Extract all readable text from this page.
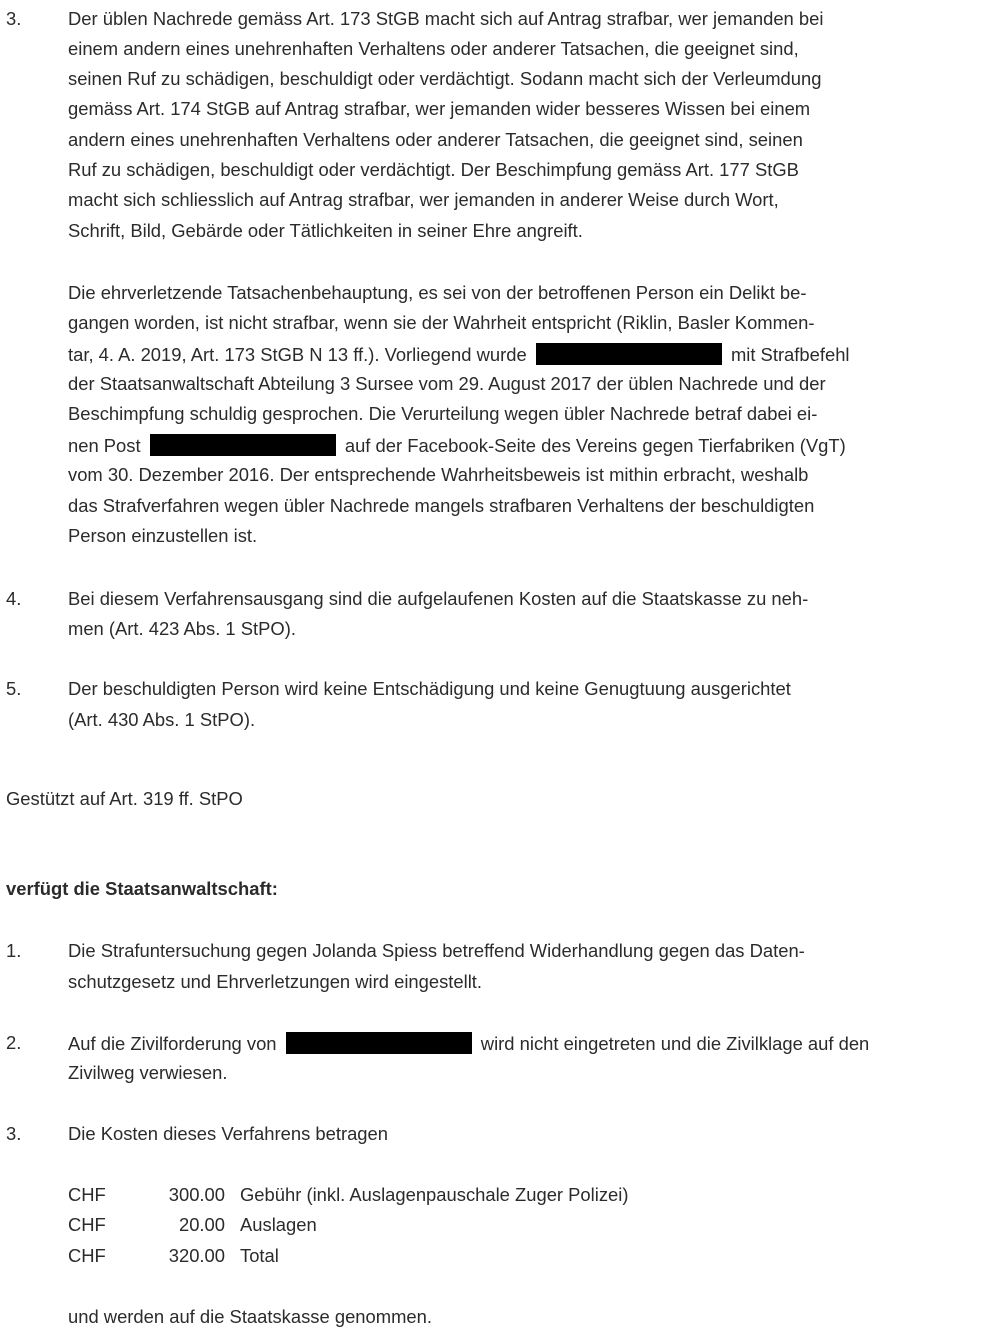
3.	Der üblen Nachrede gemäss Art. 173 StGB macht sich auf Antrag strafbar, wer jemanden bei
einem andern eines unehrenhaften Verhaltens oder anderer Tatsachen, die geeignet sind,
seinen Ruf zu schädigen, beschuldigt oder verdächtigt. Sodann macht sich der Verleumdung
gemäss Art. 174 StGB auf Antrag strafbar, wer jemanden wider besseres Wissen bei einem
andern eines unehrenhaften Verhaltens oder anderer Tatsachen, die geeignet sind, seinen
Ruf zu schädigen, beschuldigt oder verdächtigt. Der Beschimpfung gemäss Art. 177 StGB
macht sich schliesslich auf Antrag strafbar, wer jemanden in anderer Weise durch Wort,
Schrift, Bild, Gebärde oder Tätlichkeiten in seiner Ehre angreift.
Die ehrverletzende Tatsachenbehauptung, es sei von der betroffenen Person ein Delikt be-
gangen worden, ist nicht strafbar, wenn sie der Wahrheit entspricht (Riklin, Basler Kommen-
tar, 4. A. 2019, Art. 173 StGB N 13 ff.). Vorliegend wurde	mit Strafbefehl
der Staatsanwaltschaft Abteilung 3 Sursee vom 29. August 2017 der üblen Nachrede und der
Beschimpfung schuldig gesprochen. Die Verurteilung wegen übler Nachrede betraf dabei ei-
nen Post	auf der Facebook-Seite des Vereins gegen Tierfabriken (VgT)
vom 30. Dezember 2016. Der entsprechende Wahrheitsbeweis ist mithin erbracht, weshalb
das Strafverfahren wegen übler Nachrede mangels strafbaren Verhaltens der beschuldigten
Person einzustellen ist.
4.	Bei diesem Verfahrensausgang sind die aufgelaufenen Kosten auf die Staatskasse zu neh-
men (Art. 423 Abs. 1 StPO).
5.	Der beschuldigten Person wird keine Entschädigung und keine Genugtuung ausgerichtet
(Art. 430 Abs. 1 StPO).
Gestützt auf Art. 319 ff. StPO
verfügt die Staatsanwaltschaft:
1.	Die Strafuntersuchung gegen Jolanda Spiess betreffend Widerhandlung gegen das Daten-
schutzgesetz und Ehrverletzungen wird eingestellt.
2.	Auf die Zivilforderung von	wird nicht eingetreten und die Zivilklage auf den
Zivilweg verwiesen.
3.	Die Kosten dieses Verfahrens betragen
CHF	300.00 Gebühr (inkl. Auslagenpauschale Zuger Polizei)
CHF	20.00 Auslagen
CHF	320.00 Total
und werden auf die Staatskasse genommen.
